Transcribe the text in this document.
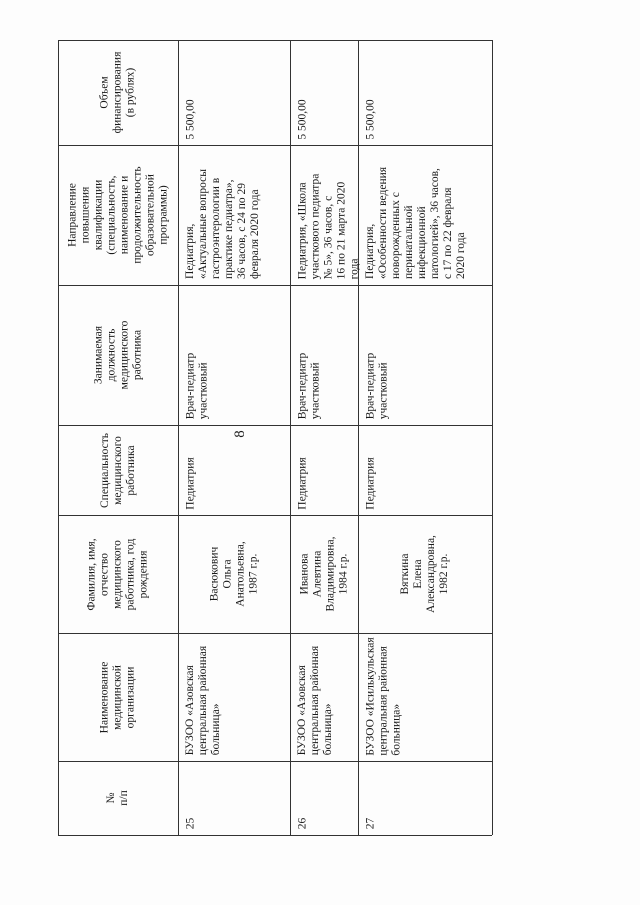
8
№ п/п
Наименование медицинской организации
Фамилия, имя, отчество медицинского работника, год рождения
Специальность медицинского работника
Занимаемая должность медицинского работника
Направление повышения квалификации (специальность, наименование и продолжительность образовательной программы)
Объем финансирования (в рублях)
25
БУЗОО «Азовская центральная районная больница»
Васюкович Ольга Анатольевна, 1987 г.р.
Педиатрия
Врач-педиатр участковый
Педиатрия, «Актуальные вопросы гастроэнтерологии в практике педиатра», 36 часов, с 24 по 29 февраля 2020 года
5 500,00
26
БУЗОО «Азовская центральная районная больница»
Иванова Алевтина Владимировна, 1984 г.р.
Педиатрия
Врач-педиатр участковый
Педиатрия, «Школа участкового педиатра № 5», 36 часов, с 16 по 21 марта 2020 года
5 500,00
27
БУЗОО «Исилькульская центральная районная больница»
Вяткина Елена Александровна, 1982 г.р.
Педиатрия
Врач-педиатр участковый
Педиатрия, «Особенности ведения новорожденных с перинатальной инфекционной патологией», 36 часов, с 17 по 22 февраля 2020 года
5 500,00
